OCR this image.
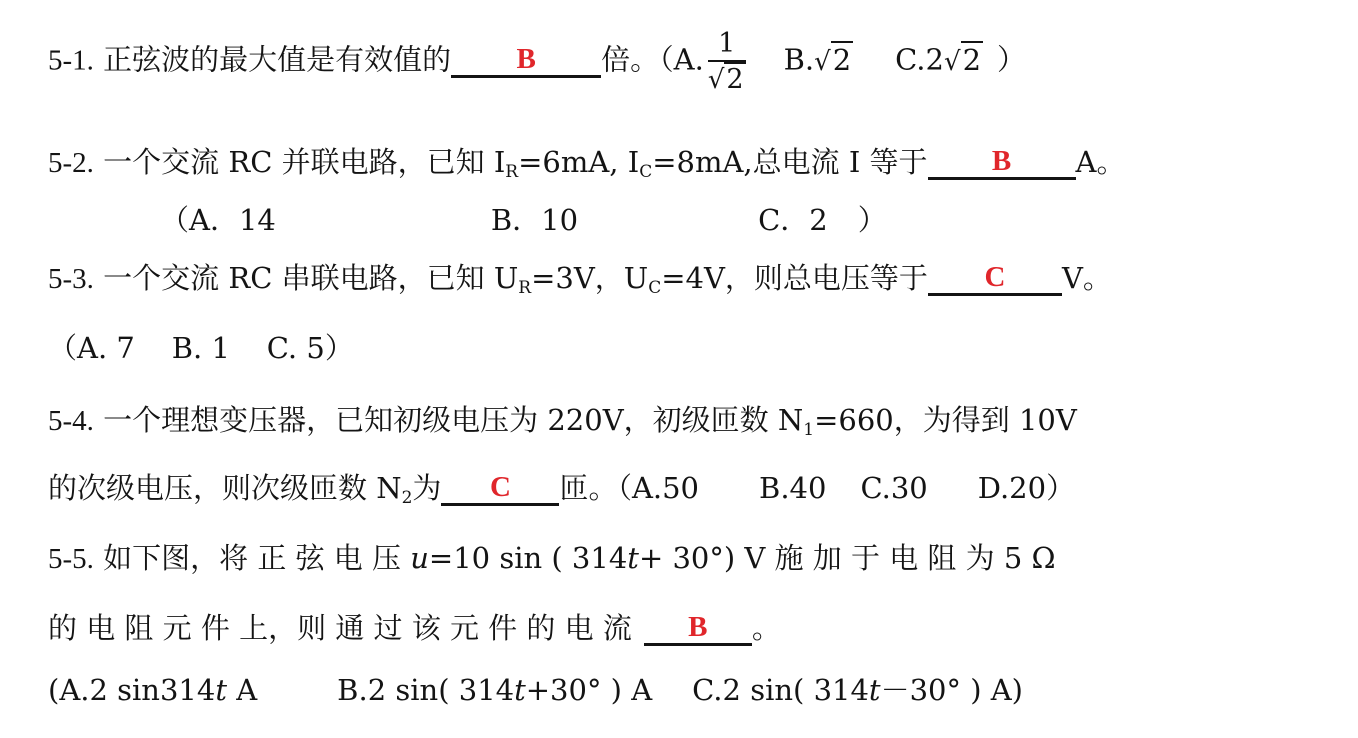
5-1. 正弦波的最大值是有效值的 B 倍。（A. $\frac{1}{√2} B.√2$ C.2√2 ）
5-2. 一个交流 RC 并联电路，已知 $I_R=6mA$, $I_C=8mA$,总电流 I 等于 B A。
（A．14	B．10	C．2 ）
5-3. 一个交流 RC 串联电路，已知 $U_R=3V$，$U_C=4V$，则总电压等于 C V。
（A. 7    B. 1    C. 5）
5-4. 一个理想变压器，已知初级电压为 220V，初级匝数 $N_1=660$，为得到 10V
的次级电压，则次级匝数 $N_2$为 C 匝。（A.50 B.40 C.30 D.20）
5-5. 如下图，将 正 弦 电 压 u=10 sin ( 314t+ 30°) V 施 加 于 电 阻 为 5 Ω
的 电 阻 元 件 上，则 通 过 该 元 件 的 电 流 B 。
(A.2 sin314t A	B.2 sin( 314t+30° ) A C.2 sin( 314t－30° ) A)
